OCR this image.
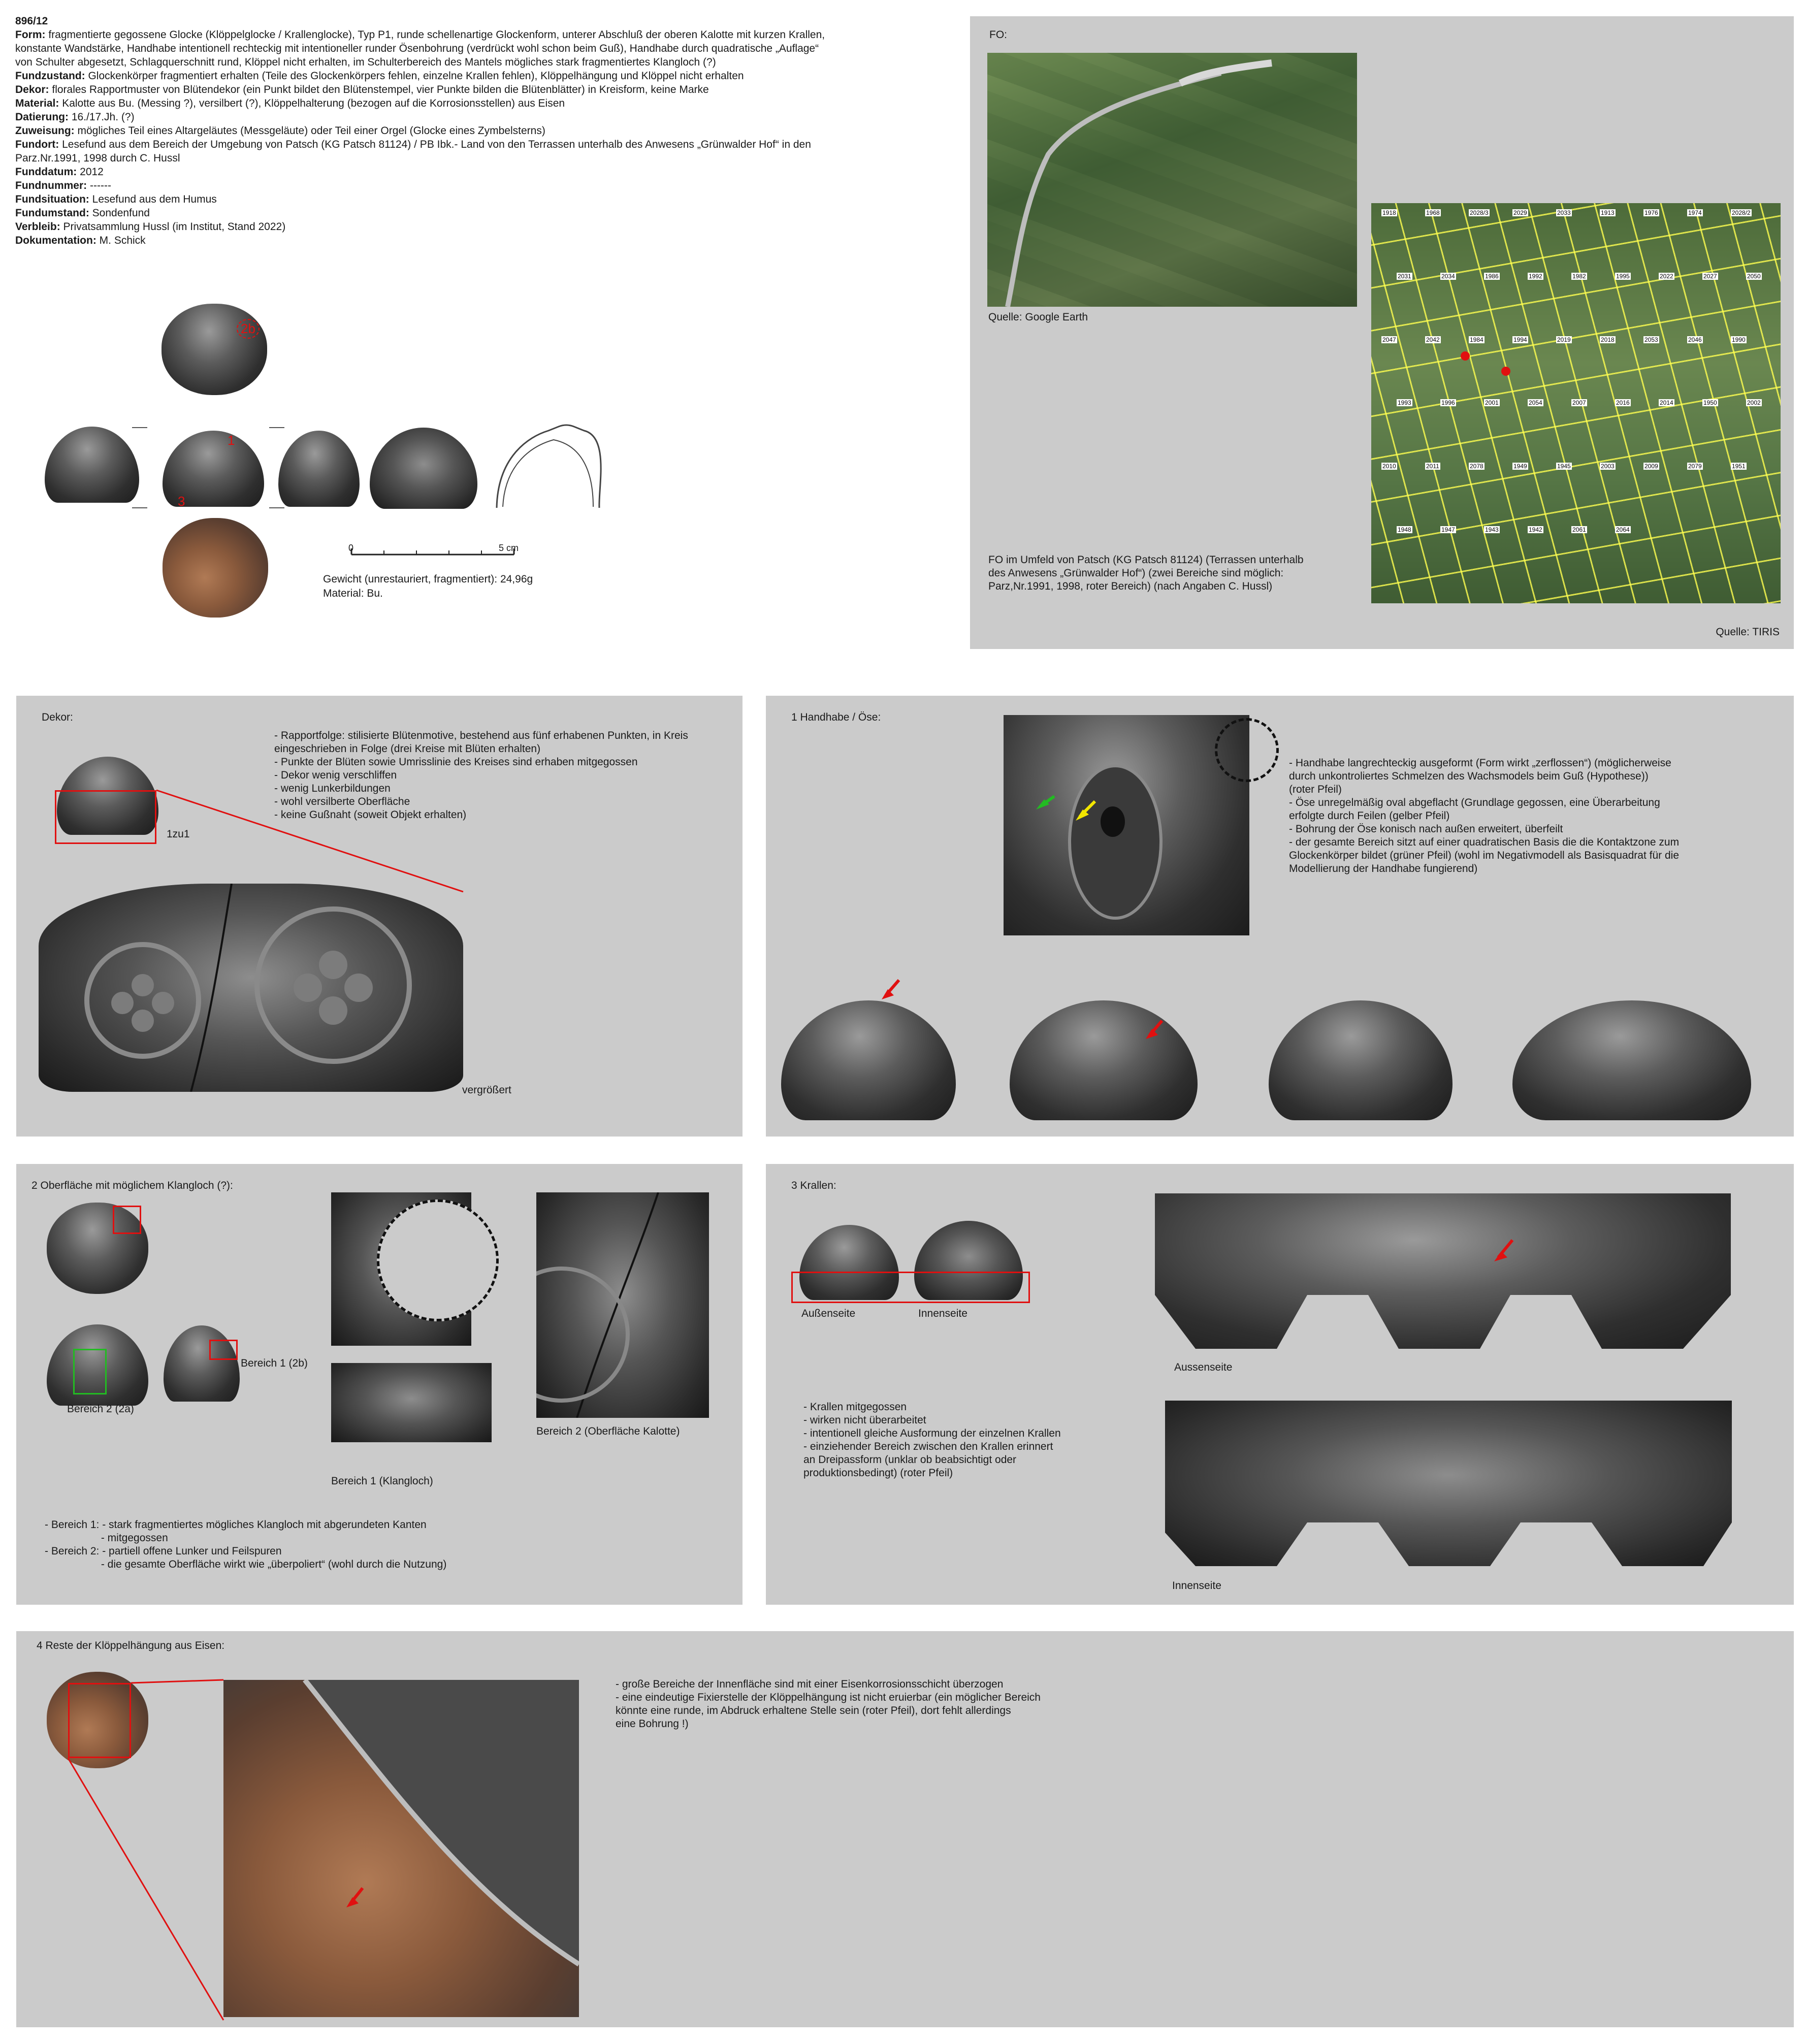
896/12
Form: fragmentierte gegossene Glocke (Klöppelglocke / Krallenglocke), Typ P1, runde schellenartige Glockenform, unterer Abschluß der oberen Kalotte mit kurzen Krallen,
konstante Wandstärke, Handhabe intentionell rechteckig mit intentioneller runder Ösenbohrung (verdrückt wohl schon beim Guß), Handhabe durch quadratische „Auflage“
von Schulter abgesetzt, Schlagquerschnitt rund, Klöppel nicht erhalten, im Schulterbereich des Mantels mögliches stark fragmentiertes Klangloch (?)
Fundzustand: Glockenkörper fragmentiert erhalten (Teile des Glockenkörpers fehlen, einzelne Krallen fehlen), Klöppelhängung und Klöppel nicht erhalten
Dekor: florales Rapportmuster von Blütendekor (ein Punkt bildet den Blütenstempel, vier Punkte bilden die Blütenblätter) in Kreisform, keine Marke
Material: Kalotte aus Bu. (Messing ?), versilbert (?), Klöppelhalterung (bezogen auf die Korrosionsstellen) aus Eisen
Datierung: 16./17.Jh. (?)
Zuweisung: mögliches Teil eines Altargeläutes (Messgeläute) oder Teil einer Orgel (Glocke eines Zymbelsterns)
Fundort: Lesefund aus dem Bereich der Umgebung von Patsch (KG Patsch 81124) / PB Ibk.- Land von den Terrassen unterhalb des Anwesens „Grünwalder Hof“ in den
Parz.Nr.1991, 1998 durch C. Hussl
Funddatum: 2012
Fundnummer: ------
Fundsituation: Lesefund aus dem Humus
Fundumstand: Sondenfund
Verbleib: Privatsammlung Hussl (im Institut, Stand 2022)
Dokumentation: M. Schick
2b
1
3
0	5 cm
Gewicht (unrestauriert, fragmentiert): 24,96g
Material: Bu.
FO:
Quelle: Google Earth
1918	1968	2028/3	2029	2033	1913	1976	1974	2028/2
2031	2034	1986	1992	1982	1995	2022	2027	2050
2047	2042	1984	1994	2019	2018	2053	2046	1990
1993	1996	2001	2054	2007	2016	2014	1950	2002
2010	2011	2078	1949	1945	2003	2009	2079	1951
1948	1947	1943	1942	2061	2064
FO im Umfeld von Patsch (KG Patsch 81124) (Terrassen unterhalb
des Anwesens „Grünwalder Hof“) (zwei Bereiche sind möglich:
Parz,Nr.1991, 1998, roter Bereich) (nach Angaben C. Hussl)
Quelle: TIRIS
Dekor:
- Rapportfolge: stilisierte Blütenmotive, bestehend aus fünf erhabenen Punkten, in Kreis
eingeschrieben in Folge (drei Kreise mit Blüten erhalten)
- Punkte der Blüten sowie Umrisslinie des Kreises sind erhaben mitgegossen
- Dekor wenig verschliffen
- wenig Lunkerbildungen
- wohl versilberte Oberfläche
- keine Gußnaht (soweit Objekt erhalten)
1zu1
vergrößert
1 Handhabe / Öse:
- Handhabe langrechteckig ausgeformt (Form wirkt „zerflossen“) (möglicherweise
durch unkontroliertes Schmelzen des Wachsmodels beim Guß (Hypothese))
(roter Pfeil)
- Öse unregelmäßig oval abgeflacht (Grundlage gegossen, eine Überarbeitung
erfolgte durch Feilen (gelber Pfeil)
- Bohrung der Öse konisch nach außen erweitert, überfeilt
- der gesamte Bereich sitzt auf einer quadratischen Basis die die Kontaktzone zum
Glockenkörper bildet (grüner Pfeil) (wohl im Negativmodell als Basisquadrat für die
Modellierung der Handhabe fungierend)
2 Oberfläche mit möglichem Klangloch (?):
Bereich 2 (2a)
Bereich 1 (2b)
Bereich 1 (Klangloch)
Bereich 2 (Oberfläche Kalotte)
- Bereich 1: - stark fragmentiertes mögliches Klangloch mit abgerundeten Kanten
- mitgegossen
- Bereich 2: - partiell offene Lunker und Feilspuren
- die gesamte Oberfläche wirkt wie „überpoliert“ (wohl durch die Nutzung)
3 Krallen:
Außenseite	Innenseite
Aussenseite
- Krallen mitgegossen
- wirken nicht überarbeitet
- intentionell gleiche Ausformung der einzelnen Krallen
- einziehender Bereich zwischen den Krallen erinnert
an Dreipassform (unklar ob beabsichtigt oder
produktionsbedingt) (roter Pfeil)
Innenseite
4 Reste der Klöppelhängung aus Eisen:
- große Bereiche der Innenfläche sind mit einer Eisenkorrosionsschicht überzogen
- eine eindeutige Fixierstelle der Klöppelhängung ist nicht eruierbar (ein möglicher Bereich
könnte eine runde, im Abdruck erhaltene Stelle sein (roter Pfeil), dort fehlt allerdings
eine Bohrung !)
